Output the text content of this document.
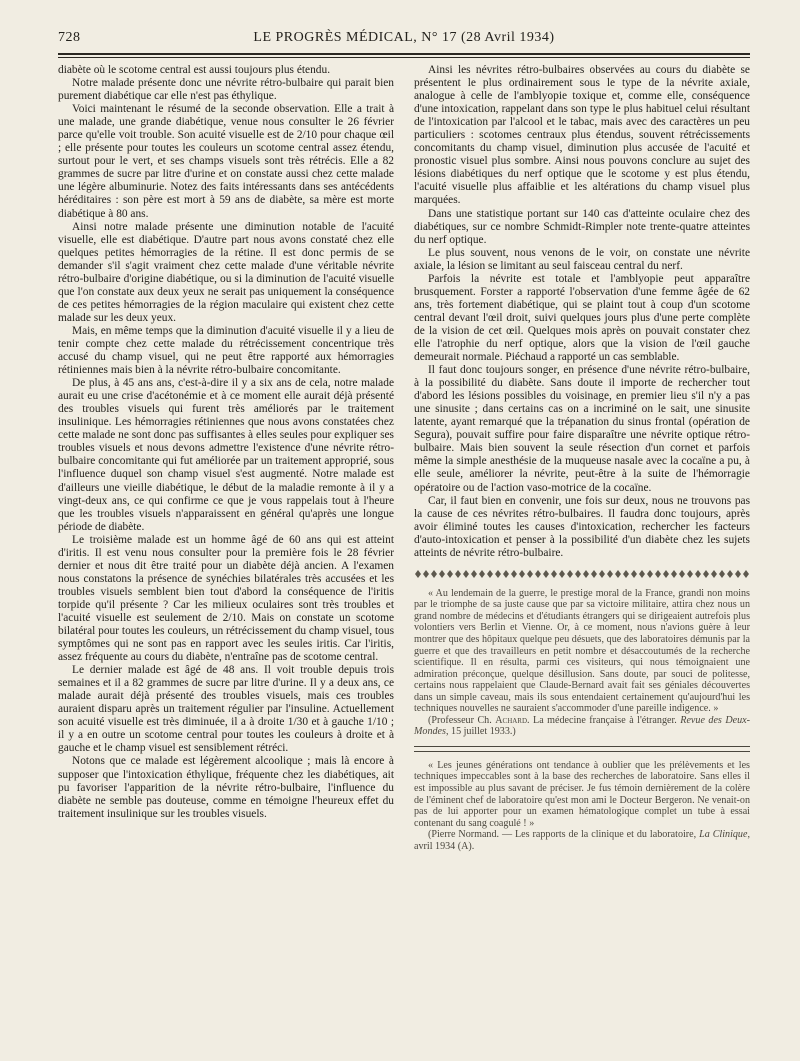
728	LE PROGRÈS MÉDICAL, N° 17 (28 Avril 1934)

diabète où le scotome central est aussi toujours plus étendu.

Notre malade présente donc une névrite rétro-bulbaire qui parait bien purement diabétique car elle n'est pas éthylique.

Voici maintenant le résumé de la seconde observation. Elle a trait à une malade, une grande diabétique, venue nous consulter le 26 février parce qu'elle voit trouble. Son acuité visuelle est de 2/10 pour chaque œil ; elle présente pour toutes les couleurs un scotome central assez étendu, surtout pour le vert, et ses champs visuels sont très rétrécis. Elle a 82 grammes de sucre par litre d'urine et on constate aussi chez cette malade une légère albuminurie. Notez des faits intéressants dans ses antécédents héréditaires : son père est mort à 59 ans de diabète, sa mère est morte diabétique à 80 ans.

Ainsi notre malade présente une diminution notable de l'acuité visuelle, elle est diabétique. D'autre part nous avons constaté chez elle quelques petites hémorragies de la rétine. Il est donc permis de se demander s'il s'agit vraiment chez cette malade d'une véritable névrite rétro-bulbaire d'origine diabétique, ou si la diminution de l'acuité visuelle que l'on constate aux deux yeux ne serait pas uniquement la conséquence de ces petites hémorragies de la région maculaire qui existent chez cette malade sur les deux yeux.

Mais, en même temps que la diminution d'acuité visuelle il y a lieu de tenir compte chez cette malade du rétrécissement concentrique très accusé du champ visuel, qui ne peut être rapporté aux hémorragies rétiniennes mais bien à la névrite rétro-bulbaire concomitante.

De plus, à 45 ans ans, c'est-à-dire il y a six ans de cela, notre malade aurait eu une crise d'acétonémie et à ce moment elle aurait déjà présenté des troubles visuels qui furent très améliorés par le traitement insulinique. Les hémorragies rétiniennes que nous avons constatées chez cette malade ne sont donc pas suffisantes à elles seules pour expliquer ses troubles visuels et nous devons admettre l'existence d'une névrite rétro-bulbaire concomitante qui fut améliorée par un traitement approprié, sous l'influence duquel son champ visuel s'est augmenté. Notre malade est d'ailleurs une vieille diabétique, le début de la maladie remonte à il y a vingt-deux ans, ce qui confirme ce que je vous rappelais tout à l'heure que les troubles visuels n'apparaissent en général qu'après une longue période de diabète.

Le troisième malade est un homme âgé de 60 ans qui est atteint d'iritis. Il est venu nous consulter pour la première fois le 28 février dernier et nous dit être traité pour un diabète déjà ancien. A l'examen nous constatons la présence de synéchies bilatérales très accusées et les troubles visuels semblent bien tout d'abord la conséquence de l'iritis torpide qu'il présente ? Car les milieux oculaires sont très troubles et l'acuité visuelle est seulement de 2/10. Mais on constate un scotome bilatéral pour toutes les couleurs, un rétrécissement du champ visuel, tous symptômes qui ne sont pas en rapport avec les seules iritis. Car l'iritis, assez fréquente au cours du diabète, n'entraîne pas de scotome central.

Le dernier malade est âgé de 48 ans. Il voit trouble depuis trois semaines et il a 82 grammes de sucre par litre d'urine. Il y a deux ans, ce malade aurait déjà présenté des troubles visuels, mais ces troubles auraient disparu après un traitement régulier par l'insuline. Actuellement son acuité visuelle est très diminuée, il a à droite 1/30 et à gauche 1/10 ; il y a en outre un scotome central pour toutes les couleurs à droite et à gauche et le champ visuel est sensiblement rétréci.

Notons que ce malade est légèrement alcoolique ; mais là encore à supposer que l'intoxication éthylique, fréquente chez les diabétiques, ait pu favoriser l'apparition de la névrite rétro-bulbaire, l'influence du diabète ne semble pas douteuse, comme en témoigne l'heureux effet du traitement insulinique sur les troubles visuels.

Ainsi les névrites rétro-bulbaires observées au cours du diabète se présentent le plus ordinairement sous le type de la névrite axiale, analogue à celle de l'amblyopie toxique et, comme elle, conséquence d'une intoxication, rappelant dans son type le plus habituel celui résultant de l'intoxication par l'alcool et le tabac, mais avec des caractères un peu particuliers : scotomes centraux plus étendus, souvent rétrécissements concomitants du champ visuel, diminution plus accusée de l'acuité et pronostic visuel plus sombre. Ainsi nous pouvons conclure au sujet des lésions diabétiques du nerf optique que le scotome y est plus étendu, l'acuité visuelle plus affaiblie et les altérations du champ visuel plus marquées.

Dans une statistique portant sur 140 cas d'atteinte oculaire chez des diabétiques, sur ce nombre Schmidt-Rimpler note trente-quatre atteintes du nerf optique.

Le plus souvent, nous venons de le voir, on constate une névrite axiale, la lésion se limitant au seul faisceau central du nerf.

Parfois la névrite est totale et l'amblyopie peut apparaître brusquement. Forster a rapporté l'observation d'une femme âgée de 62 ans, très fortement diabétique, qui se plaint tout à coup d'un scotome central devant l'œil droit, suivi quelques jours plus d'une perte complète de la vision de cet œil. Quelques mois après on pouvait constater chez elle l'atrophie du nerf optique, alors que la vision de l'œil gauche demeurait normale. Piéchaud a rapporté un cas semblable.

Il faut donc toujours songer, en présence d'une névrite rétro-bulbaire, à la possibilité du diabète. Sans doute il importe de rechercher tout d'abord les lésions possibles du voisinage, en premier lieu s'il n'y a pas une sinusite ; dans certains cas on a incriminé on le sait, une sinusite latente, ayant remarqué que la trépanation du sinus frontal (opération de Segura), pouvait suffire pour faire disparaître une névrite optique rétro-bulbaire. Mais bien souvent la seule résection d'un cornet et parfois même la simple anesthésie de la muqueuse nasale avec la cocaïne a pu, à elle seule, améliorer la névrite, peut-être à la suite de l'hémorragie opératoire ou de l'action vaso-motrice de la cocaïne.

Car, il faut bien en convenir, une fois sur deux, nous ne trouvons pas la cause de ces névrites rétro-bulbaires. Il faudra donc toujours, après avoir éliminé toutes les causes d'intoxication, rechercher les facteurs d'auto-intoxication et penser à la possibilité d'un diabète chez les sujets atteints de névrite rétro-bulbaire.

« Au lendemain de la guerre, le prestige moral de la France, grandi non moins par le triomphe de sa juste cause que par sa victoire militaire, attira chez nous un grand nombre de médecins et d'étudiants étrangers qui se dirigeaient autrefois plus volontiers vers Berlin et Vienne. Or, à ce moment, nous n'avions guère à leur montrer que des hôpitaux quelque peu désuets, que des laboratoires démunis par la guerre et que des travailleurs en petit nombre et désaccoutumés de la recherche scientifique. Il en résulta, parmi ces visiteurs, qui nous témoignaient une admiration préconçue, quelque désillusion. Sans doute, par souci de politesse, certains nous rappelaient que Claude-Bernard avait fait ses géniales découvertes dans un simple caveau, mais ils sous entendaient certainement qu'aujourd'hui les techniques nouvelles ne sauraient s'accommoder d'une pareille indigence. »

(Professeur Ch. Achard. La médecine française à l'étranger. Revue des Deux-Mondes, 15 juillet 1933.)

« Les jeunes générations ont tendance à oublier que les prélèvements et les techniques impeccables sont à la base des recherches de laboratoire. Sans elles il est impossible au plus savant de préciser. Je fus témoin dernièrement de la colère de l'éminent chef de laboratoire qu'est mon ami le Docteur Bergeron. Ne venait-on pas de lui apporter pour un examen hématologique complet un tube à essai contenant du sang coagulé ! »

(Pierre Normand. — Les rapports de la clinique et du laboratoire, La Clinique, avril 1934 (A).
